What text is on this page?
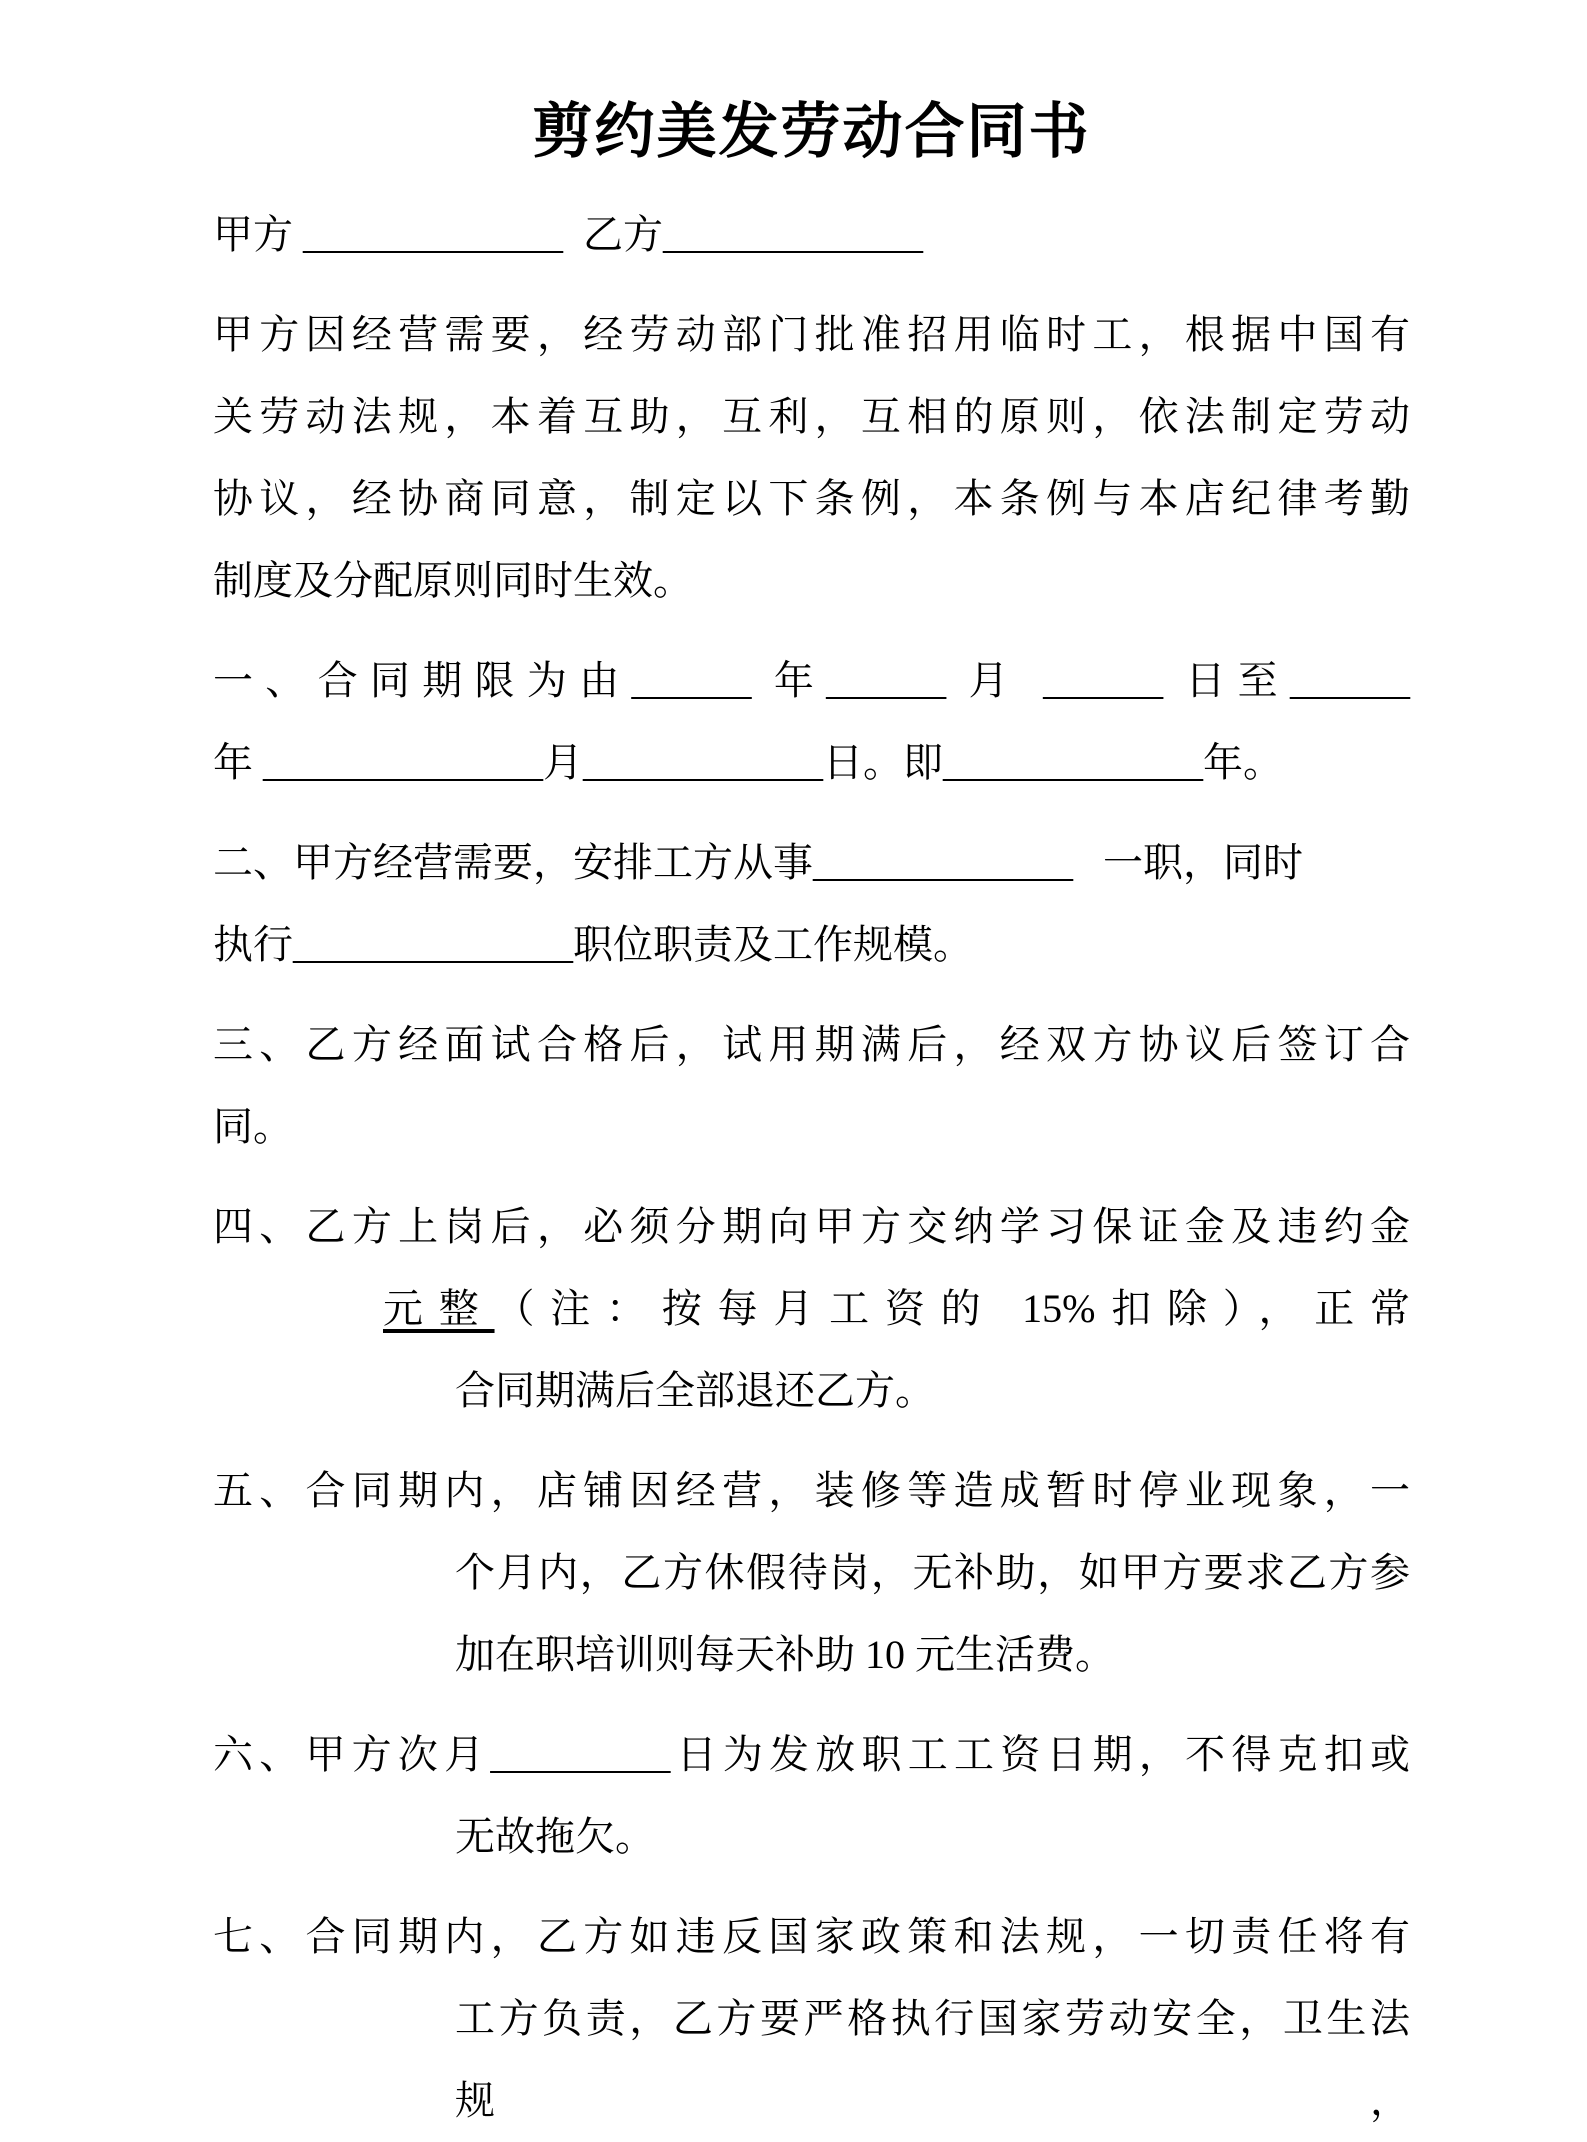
剪约美发劳动合同书
甲方 _____________  乙方_____________
甲方因经营需要，经劳动部门批准招用临时工，根据中国有
关劳动法规，本着互助，互利，互相的原则，依法制定劳动
协议，经协商同意，制定以下条例，本条例与本店纪律考勤
制度及分配原则同时生效。
一、合同期限为由______ 年______ 月 ______ 日至______
年 ______________月____________日。即_____________年。
二、甲方经营需要，安排工方从事_____________   一职，同时
执行______________职位职责及工作规模。
三、乙方经面试合格后，试用期满后，经双方协议后签订合
同。
四、乙方上岗后，必须分期向甲方交纳学习保证金及违约金
元整（注：按每月工资的 15%扣除），正常
合同期满后全部退还乙方。
五、合同期内，店铺因经营，装修等造成暂时停业现象，一
个月内，乙方休假待岗，无补助，如甲方要求乙方参
加在职培训则每天补助 10 元生活费。
六、甲方次月_________日为发放职工工资日期，不得克扣或
无故拖欠。
七、合同期内，乙方如违反国家政策和法规，一切责任将有
工方负责，乙方要严格执行国家劳动安全，卫生法规，
